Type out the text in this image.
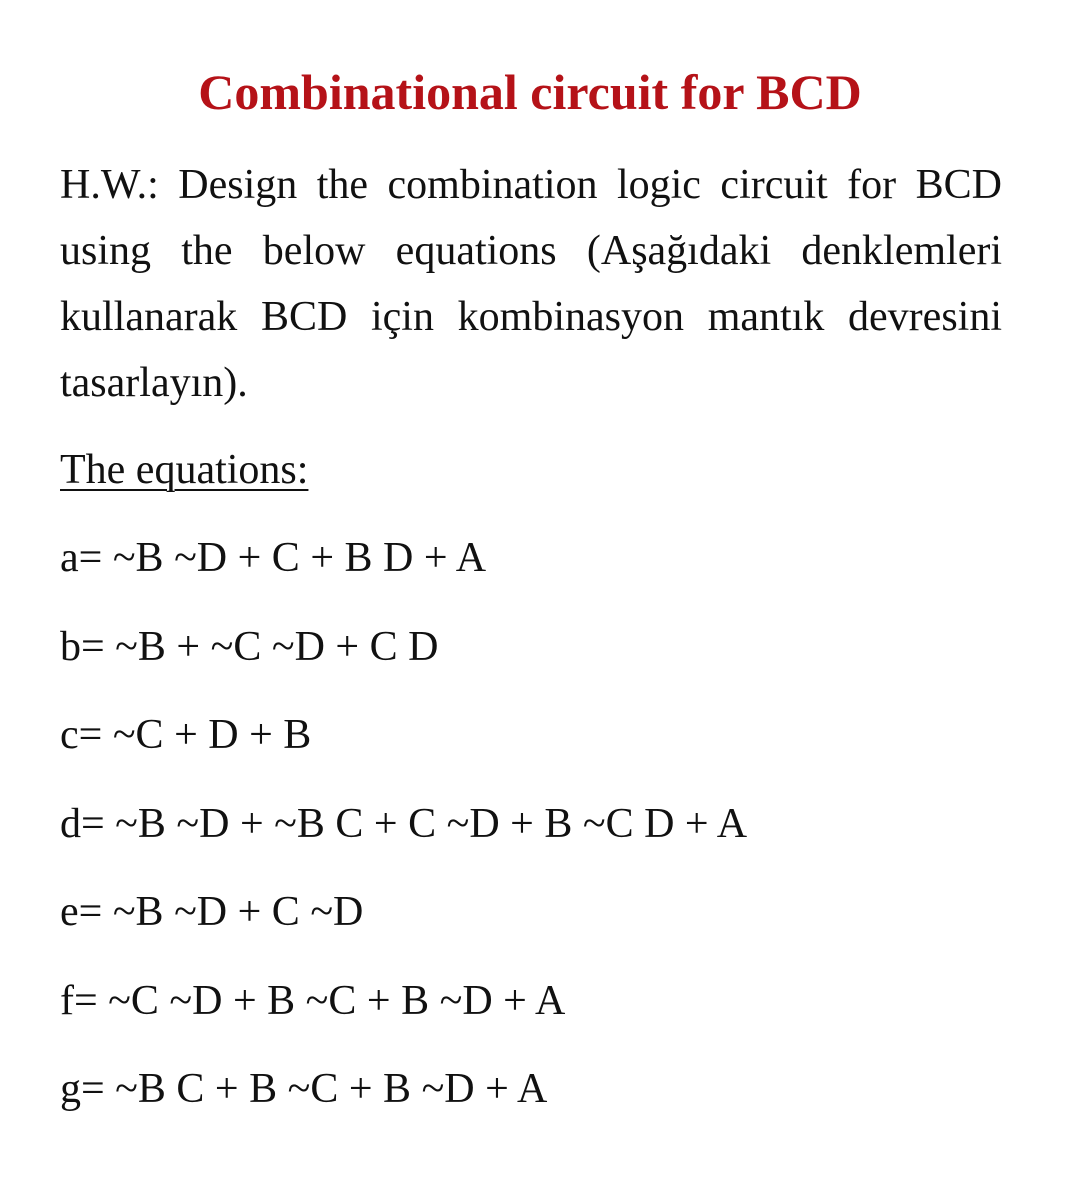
Combinational circuit for BCD

H.W.: Design the combination logic circuit for BCD using the below equations (Aşağıdaki denklemleri kullanarak BCD için kombinasyon mantık devresini tasarlayın).

The equations:

a= ~B ~D + C + B D + A
b= ~B + ~C ~D + C D
c= ~C + D + B
d= ~B ~D + ~B C + C ~D + B ~C D + A
e= ~B ~D + C ~D
f= ~C ~D + B ~C + B ~D + A
g= ~B C + B ~C + B ~D + A
